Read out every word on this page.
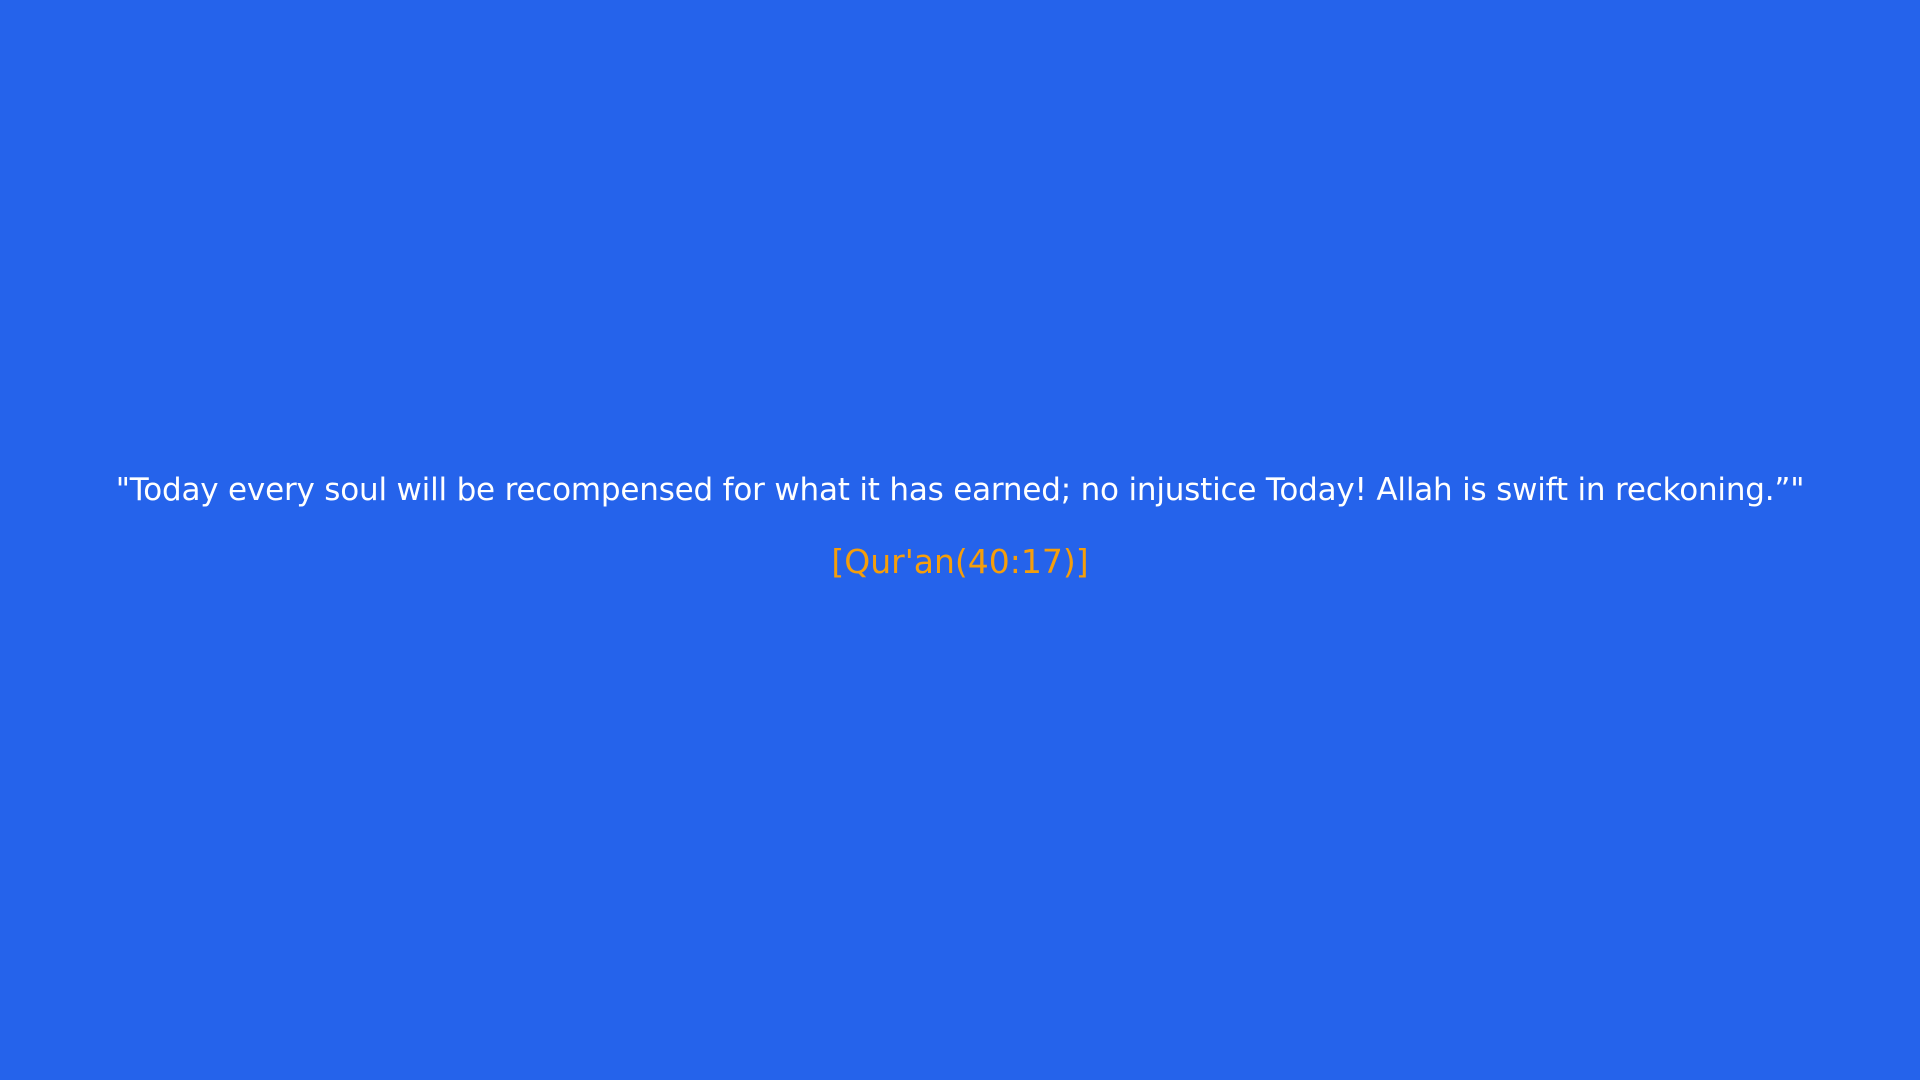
"Today every soul will be recompensed for what it has earned; no injustice Today! Allah is swift in reckoning.”"

[Qur'an(40:17)]
